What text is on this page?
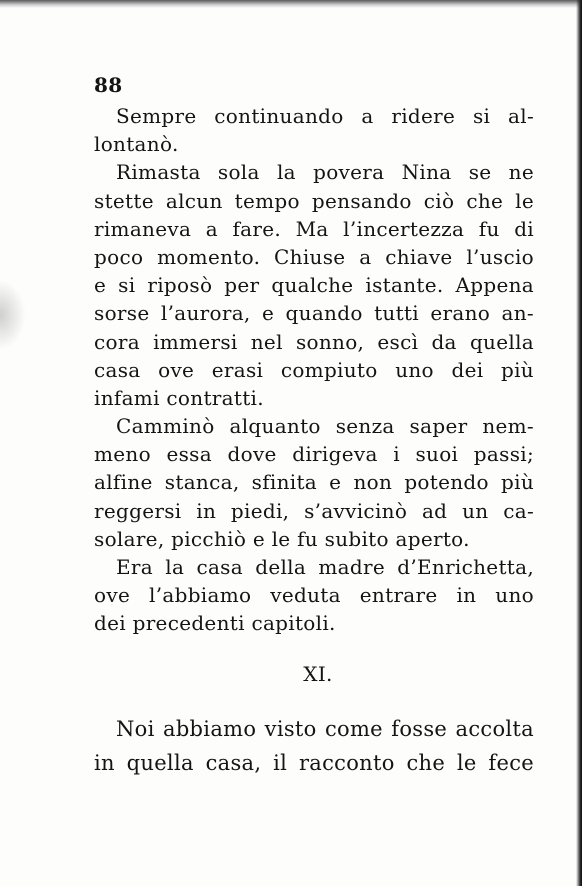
88
Sempre continuando a ridere si al-
lontanò.
Rimasta sola la povera Nina se ne
stette alcun tempo pensando ciò che le
rimaneva a fare. Ma l’incertezza fu di
poco momento. Chiuse a chiave l’uscio
e si riposò per qualche istante. Appena
sorse l’aurora, e quando tutti erano an-
cora immersi nel sonno, escì da quella
casa ove erasi compiuto uno dei più
infami contratti.
Camminò alquanto senza saper nem-
meno essa dove dirigeva i suoi passi;
alfine stanca, sfinita e non potendo più
reggersi in piedi, s’avvicinò ad un ca-
solare, picchiò e le fu subito aperto.
Era la casa della madre d’Enrichetta,
ove l’abbiamo veduta entrare in uno
dei precedenti capitoli.
XI.
Noi abbiamo visto come fosse accolta
in quella casa, il racconto che le fece
